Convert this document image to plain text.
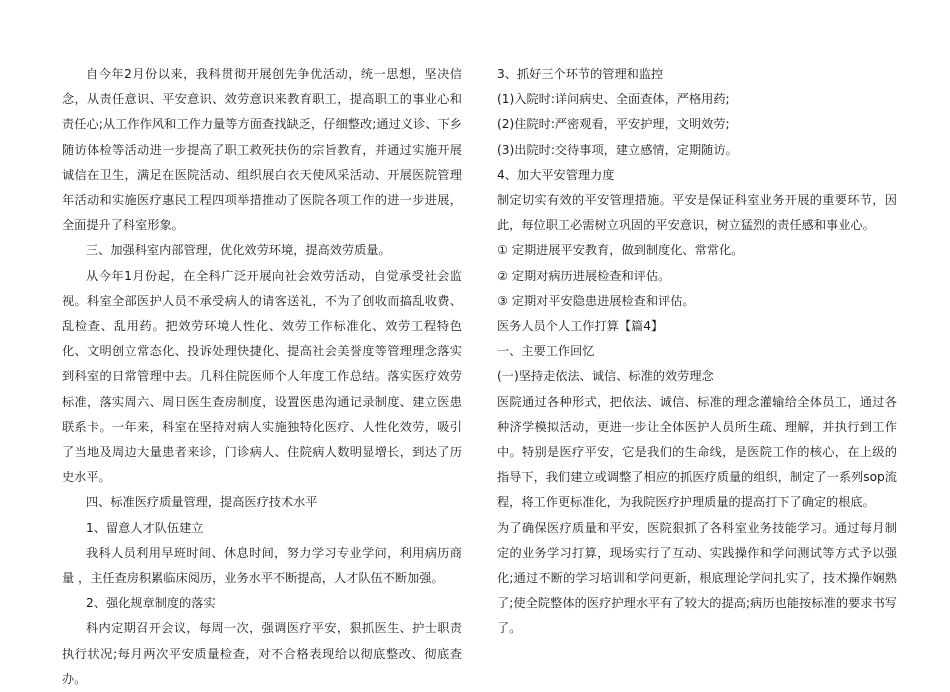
自今年2月份以来，我科贯彻开展创先争优活动，统一思想，坚决信念，从责任意识、平安意识、效劳意识来教育职工，提高职工的事业心和责任心;从工作作风和工作力量等方面查找缺乏，仔细整改;通过义诊、下乡随访体检等活动进一步提高了职工救死扶伤的宗旨教育，并通过实施开展诚信在卫生，满足在医院活动、组织展白衣天使风采活动、开展医院管理年活动和实施医疗惠民工程四项举措推动了医院各项工作的进一步进展，全面提升了科室形象。

三、加强科室内部管理，优化效劳环境，提高效劳质量。

从今年1月份起，在全科广泛开展向社会效劳活动，自觉承受社会监视。科室全部医护人员不承受病人的请客送礼，不为了创收而搞乱收费、乱检查、乱用药。把效劳环境人性化、效劳工作标准化、效劳工程特色化、文明创立常态化、投诉处理快捷化、提高社会美誉度等管理理念落实到科室的日常管理中去。几科住院医师个人年度工作总结。落实医疗效劳标准，落实周六、周日医生查房制度，设置医患沟通记录制度、建立医患联系卡。一年来，科室在坚持对病人实施独特化医疗、人性化效劳，吸引了当地及周边大量患者来诊，门诊病人、住院病人数明显增长，到达了历史水平。

四、标准医疗质量管理，提高医疗技术水平

1、留意人才队伍建立

我科人员利用早班时间、休息时间，努力学习专业学问，利用病历商量 ，主任查房积累临床阅历，业务水平不断提高，人才队伍不断加强。

2、强化规章制度的落实

科内定期召开会议，每周一次，强调医疗平安，狠抓医生、护士职责执行状况;每月两次平安质量检查，对不合格表现给以彻底整改、彻底查办。

3、抓好三个环节的管理和监控

(1)入院时:详问病史、全面查体，严格用药;

(2)住院时:严密观看，平安护理，文明效劳;

(3)出院时:交待事项，建立感情，定期随访。

4、加大平安管理力度

制定切实有效的平安管理措施。平安是保证科室业务开展的重要环节，因此，每位职工必需树立巩固的平安意识，树立猛烈的责任感和事业心。

① 定期进展平安教育，做到制度化、常常化。

② 定期对病历进展检查和评估。

③ 定期对平安隐患进展检查和评估。

医务人员个人工作打算【篇4】

一、主要工作回忆

(一)坚持走依法、诚信、标准的效劳理念

医院通过各种形式，把依法、诚信、标准的理念灌输给全体员工，通过各种济学模拟活动，更进一步让全体医护人员所生疏、理解，并执行到工作中。特别是医疗平安，它是我们的生命线，是医院工作的核心，在上级的指导下，我们建立或调整了相应的抓医疗质量的组织，制定了一系列sop流程，将工作更标准化，为我院医疗护理质量的提高打下了确定的根底。

为了确保医疗质量和平安，医院狠抓了各科室业务技能学习。通过每月制定的业务学习打算，现场实行了互动、实践操作和学问测试等方式予以强化;通过不断的学习培训和学问更新，根底理论学问扎实了，技术操作娴熟了;使全院整体的医疗护理水平有了较大的提高;病历也能按标准的要求书写了。
